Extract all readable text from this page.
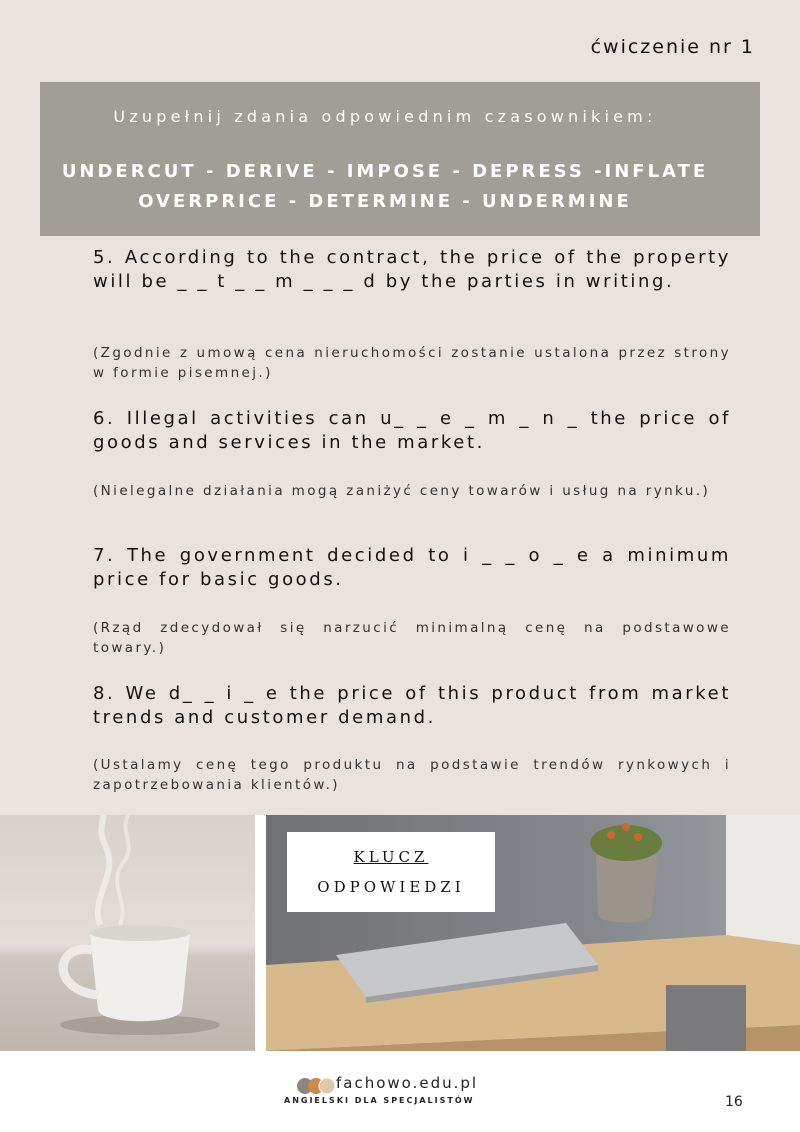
ćwiczenie nr 1
Uzupełnij zdania odpowiednim czasownikiem:
UNDERCUT - DERIVE - IMPOSE - DEPRESS -INFLATE
OVERPRICE - DETERMINE - UNDERMINE
5. According to the contract, the price of the property will be _ _ t _ _ m _ _ _ d by the parties in writing.
(Zgodnie z umową cena nieruchomości zostanie ustalona przez strony w formie pisemnej.)
6. Illegal activities can u_ _ e _ m _ n _ the price of goods and services in the market.
(Nielegalne działania mogą zaniżyć ceny towarów i usług na rynku.)
7. The government decided to i _ _ o _ e a minimum price for basic goods.
(Rząd zdecydował się narzucić minimalną cenę na podstawowe towary.)
8. We d_ _ i _ e the price of this product from market trends and customer demand.
(Ustalamy cenę tego produktu na podstawie trendów rynkowych i zapotrzebowania klientów.)
KLUCZ
ODPOWIEDZI
fachowo.edu.pl
ANGIELSKI DLA SPECJALISTÓW	16
